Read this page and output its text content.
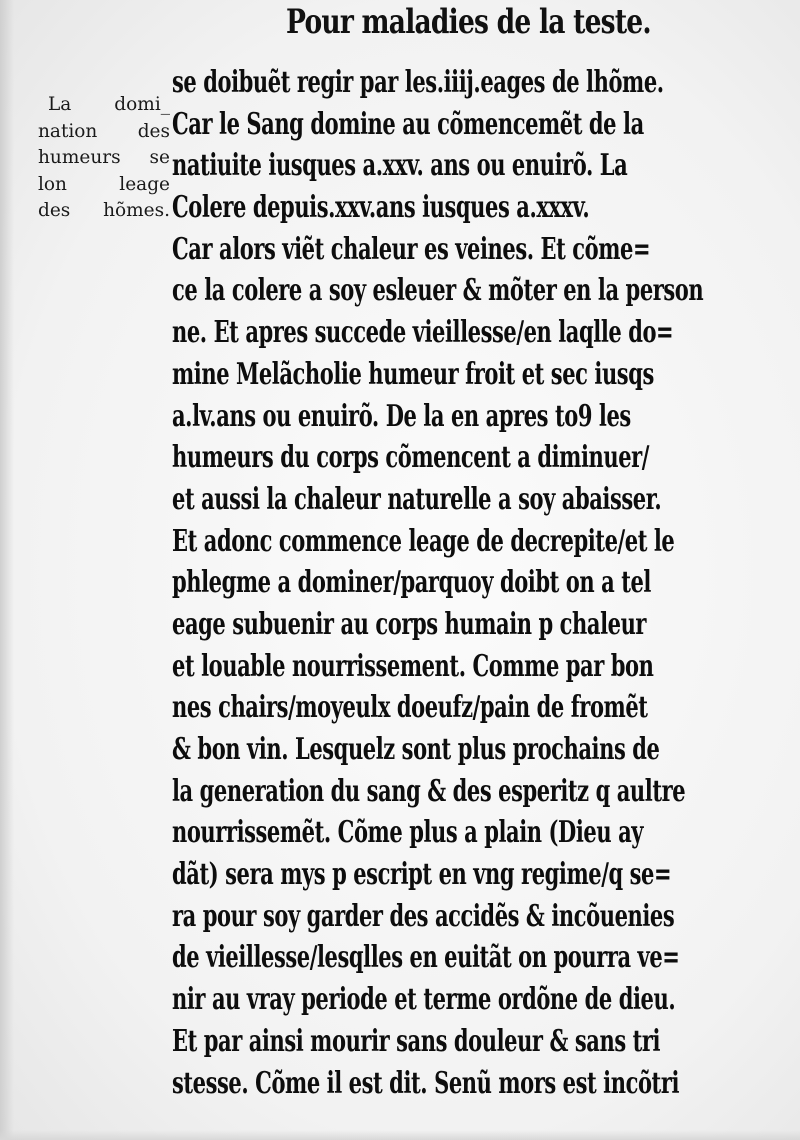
Pour maladies de la teste.
La domi_
nation des
humeurs se
lon leage
des hõmes.
se doibuẽt regir par les.iiij.eages de lhõme.
Car le Sang domine au cõmencemẽt de la
natiuite iusques a.xxv. ans ou enuirõ. La
Colere depuis.xxv.ans iusques a.xxxv.
Car alors viẽt chaleur es veines. Et cõme=
ce la colere a soy esleuer & mõter en la person
ne. Et apres succede vieillesse/en laqlle do=
mine Melãcholie humeur froit et sec iusqs
a.lv.ans ou enuirõ. De la en apres to9 les
humeurs du corps cõmencent a diminuer/
et aussi la chaleur naturelle a soy abaisser.
Et adonc commence leage de decrepite/et le
phlegme a dominer/parquoy doibt on a tel
eage subuenir au corps humain p chaleur
et louable nourrissement. Comme par bon
nes chairs/moyeulx doeufz/pain de fromẽt
& bon vin. Lesquelz sont plus prochains de
la generation du sang & des esperitz q aultre
nourrissemẽt. Cõme plus a plain (Dieu ay
dãt) sera mys p escript en vng regime/q se=
ra pour soy garder des accidẽs & incõuenies
de vieillesse/lesqlles en euitãt on pourra ve=
nir au vray periode et terme ordõne de dieu.
Et par ainsi mourir sans douleur & sans tri
stesse. Cõme il est dit. Senũ mors est incõtri
